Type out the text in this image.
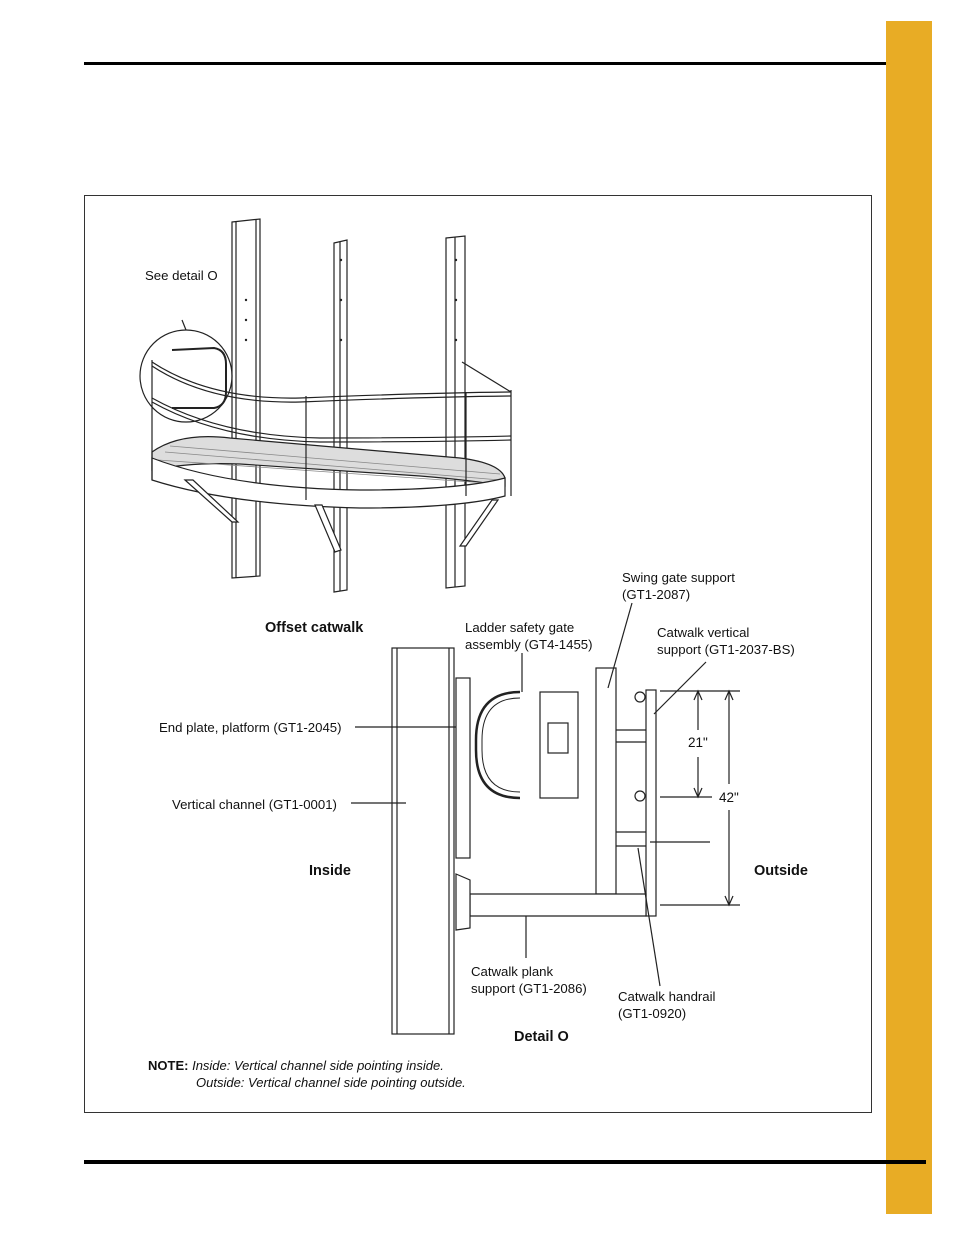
See detail O
Offset catwalk
Swing gate support
(GT1-2087)
Ladder safety gate
assembly (GT4-1455)
Catwalk vertical
support (GT1-2037-BS)
End plate, platform (GT1-2045)
Vertical channel (GT1-0001)
Inside	Outside
21"
42"
Catwalk plank
support (GT1-2086)
Catwalk handrail
(GT1-0920)
Detail O
NOTE: Inside: Vertical channel side pointing inside.
Outside: Vertical channel side pointing outside.
